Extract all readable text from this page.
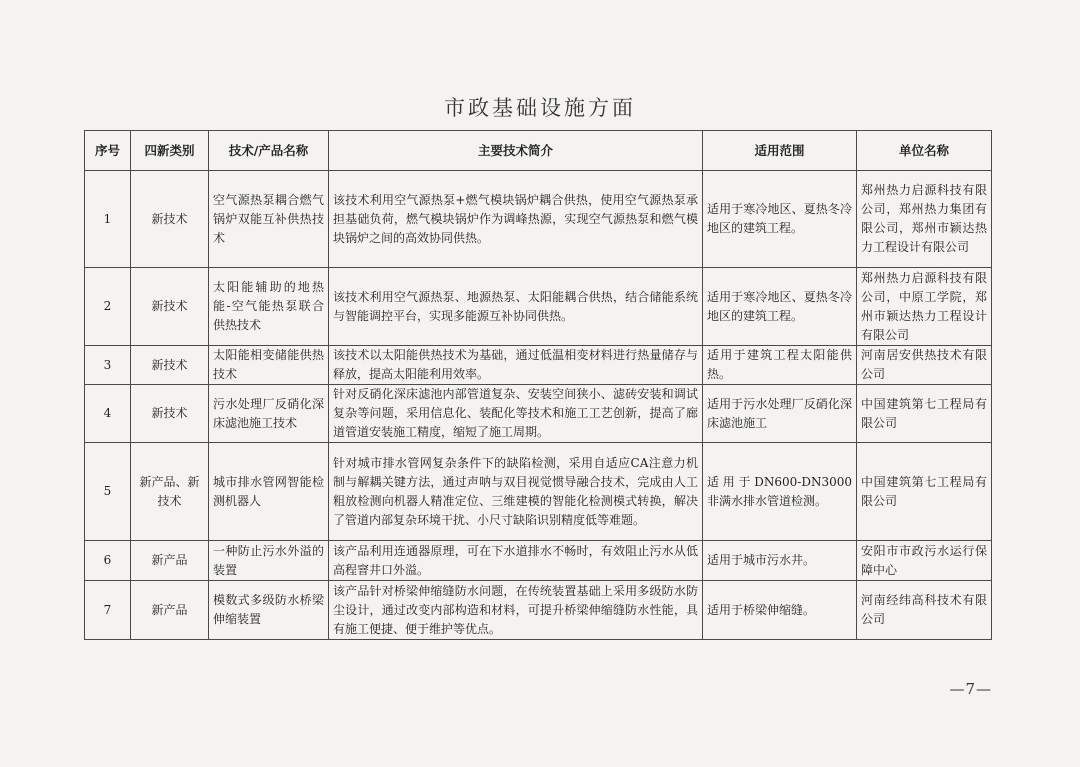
市政基础设施方面
序号	四新类别	技术/产品名称	主要技术简介	适用范围	单位名称
1	新技术	空气源热泵耦合燃气锅炉双能互补供热技术	该技术利用空气源热泵+燃气模块锅炉耦合供热，使用空气源热泵承担基础负荷，燃气模块锅炉作为调峰热源，实现空气源热泵和燃气模块锅炉之间的高效协同供热。	适用于寒冷地区、夏热冬冷地区的建筑工程。	郑州热力启源科技有限公司，郑州热力集团有限公司，郑州市颖达热力工程设计有限公司
2	新技术	太阳能辅助的地热能-空气能热泵联合供热技术	该技术利用空气源热泵、地源热泵、太阳能耦合供热，结合储能系统与智能调控平台，实现多能源互补协同供热。	适用于寒冷地区、夏热冬冷地区的建筑工程。	郑州热力启源科技有限公司，中原工学院，郑州市颖达热力工程设计有限公司
3	新技术	太阳能相变储能供热技术	该技术以太阳能供热技术为基础，通过低温相变材料进行热量储存与释放，提高太阳能利用效率。	适用于建筑工程太阳能供热。	河南居安供热技术有限公司
4	新技术	污水处理厂反硝化深床滤池施工技术	针对反硝化深床滤池内部管道复杂、安装空间狭小、滤砖安装和调试复杂等问题，采用信息化、装配化等技术和施工工艺创新，提高了廊道管道安装施工精度，缩短了施工周期。	适用于污水处理厂反硝化深床滤池施工	中国建筑第七工程局有限公司
5	新产品、新技术	城市排水管网智能检测机器人	针对城市排水管网复杂条件下的缺陷检测，采用自适应CA注意力机制与解耦关键方法，通过声呐与双目视觉惯导融合技术，完成由人工粗放检测向机器人精准定位、三维建模的智能化检测模式转换，解决了管道内部复杂环境干扰、小尺寸缺陷识别精度低等难题。	适用于DN600-DN3000非满水排水管道检测。	中国建筑第七工程局有限公司
6	新产品	一种防止污水外溢的装置	该产品利用连通器原理，可在下水道排水不畅时，有效阻止污水从低高程窨井口外溢。	适用于城市污水井。	安阳市市政污水运行保障中心
7	新产品	模数式多级防水桥梁伸缩装置	该产品针对桥梁伸缩缝防水问题，在传统装置基础上采用多级防水防尘设计，通过改变内部构造和材料，可提升桥梁伸缩缝防水性能，具有施工便捷、便于维护等优点。	适用于桥梁伸缩缝。	河南经纬高科技术有限公司
—7—
